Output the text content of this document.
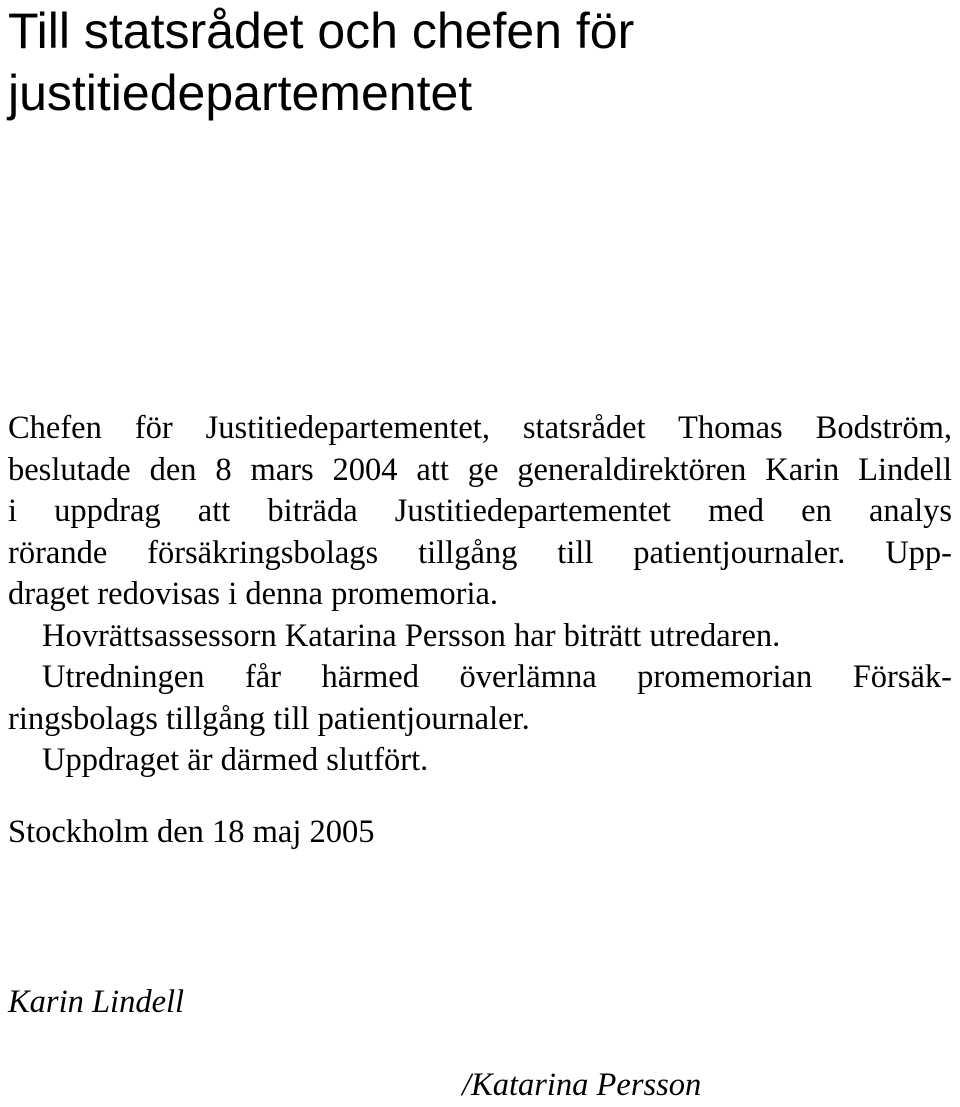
Till statsrådet och chefen för
justitiedepartementet
Chefen för Justitiedepartementet, statsrådet Thomas Bodström,
beslutade den 8 mars 2004 att ge generaldirektören Karin Lindell
i uppdrag att biträda Justitiedepartementet med en analys
rörande försäkringsbolags tillgång till patientjournaler. Upp-
draget redovisas i denna promemoria.
Hovrättsassessorn Katarina Persson har biträtt utredaren.
Utredningen får härmed överlämna promemorian Försäk-
ringsbolags tillgång till patientjournaler.
Uppdraget är därmed slutfört.
Stockholm den 18 maj 2005
Karin Lindell
/Katarina Persson
